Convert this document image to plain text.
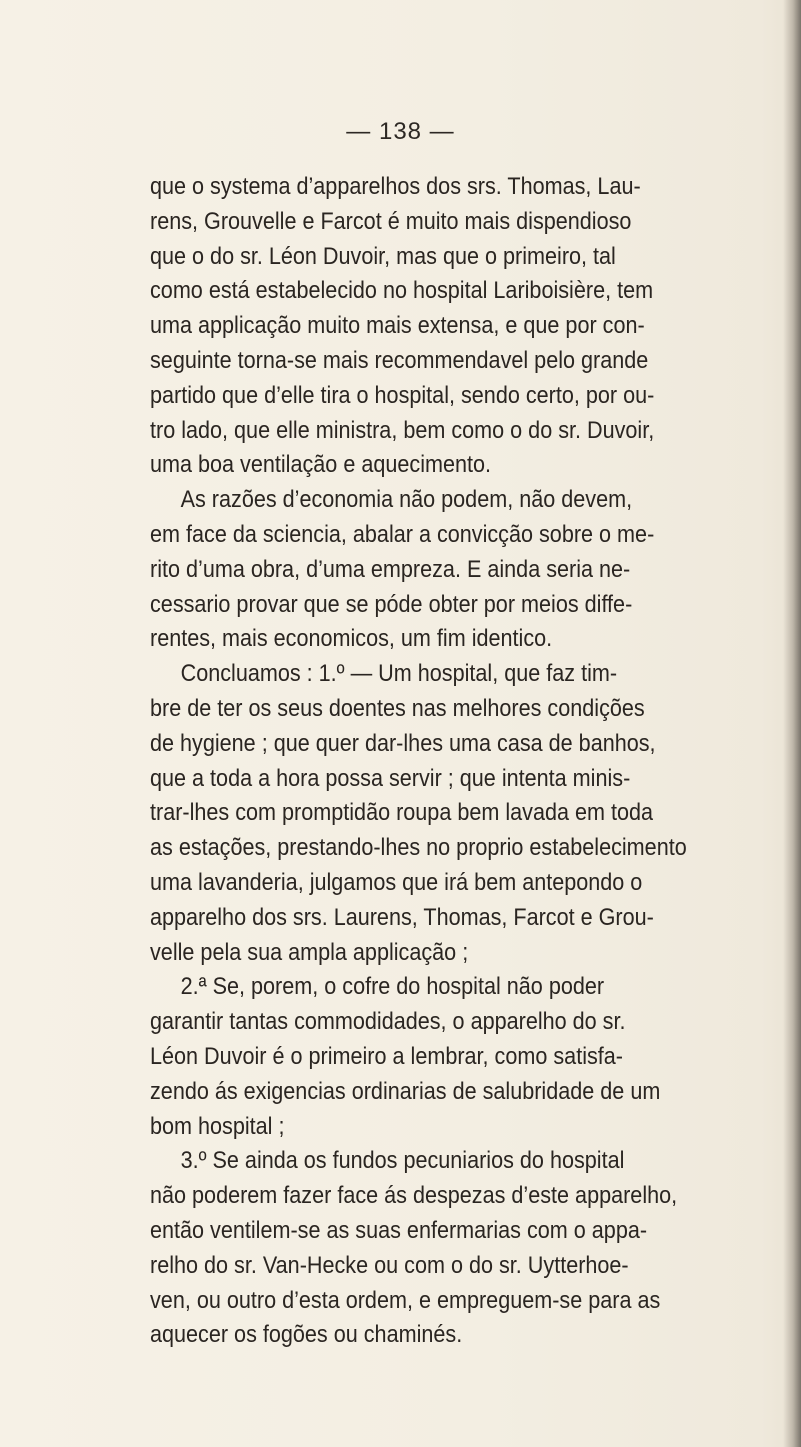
— 138 —
que o systema d’apparelhos dos srs. Thomas, Lau-
rens, Grouvelle e Farcot é muito mais dispendioso
que o do sr. Léon Duvoir, mas que o primeiro, tal
como está estabelecido no hospital Lariboisière, tem
uma applicação muito mais extensa, e que por con-
seguinte torna-se mais recommendavel pelo grande
partido que d’elle tira o hospital, sendo certo, por ou-
tro lado, que elle ministra, bem como o do sr. Duvoir,
uma boa ventilação e aquecimento.
As razões d’economia não podem, não devem,
em face da sciencia, abalar a convicção sobre o me-
rito d’uma obra, d’uma empreza. E ainda seria ne-
cessario provar que se póde obter por meios diffe-
rentes, mais economicos, um fim identico.
Concluamos : 1.º — Um hospital, que faz tim-
bre de ter os seus doentes nas melhores condições
de hygiene ; que quer dar-lhes uma casa de banhos,
que a toda a hora possa servir ; que intenta minis-
trar-lhes com promptidão roupa bem lavada em toda
as estações, prestando-lhes no proprio estabelecimento
uma lavanderia, julgamos que irá bem antepondo o
apparelho dos srs. Laurens, Thomas, Farcot e Grou-
velle pela sua ampla applicação ;
2.ª Se, porem, o cofre do hospital não poder
garantir tantas commodidades, o apparelho do sr.
Léon Duvoir é o primeiro a lembrar, como satisfa-
zendo ás exigencias ordinarias de salubridade de um
bom hospital ;
3.º Se ainda os fundos pecuniarios do hospital
não poderem fazer face ás despezas d’este apparelho,
então ventilem-se as suas enfermarias com o appa-
relho do sr. Van-Hecke ou com o do sr. Uytterhoe-
ven, ou outro d’esta ordem, e empreguem-se para as
aquecer os fogões ou chaminés.
